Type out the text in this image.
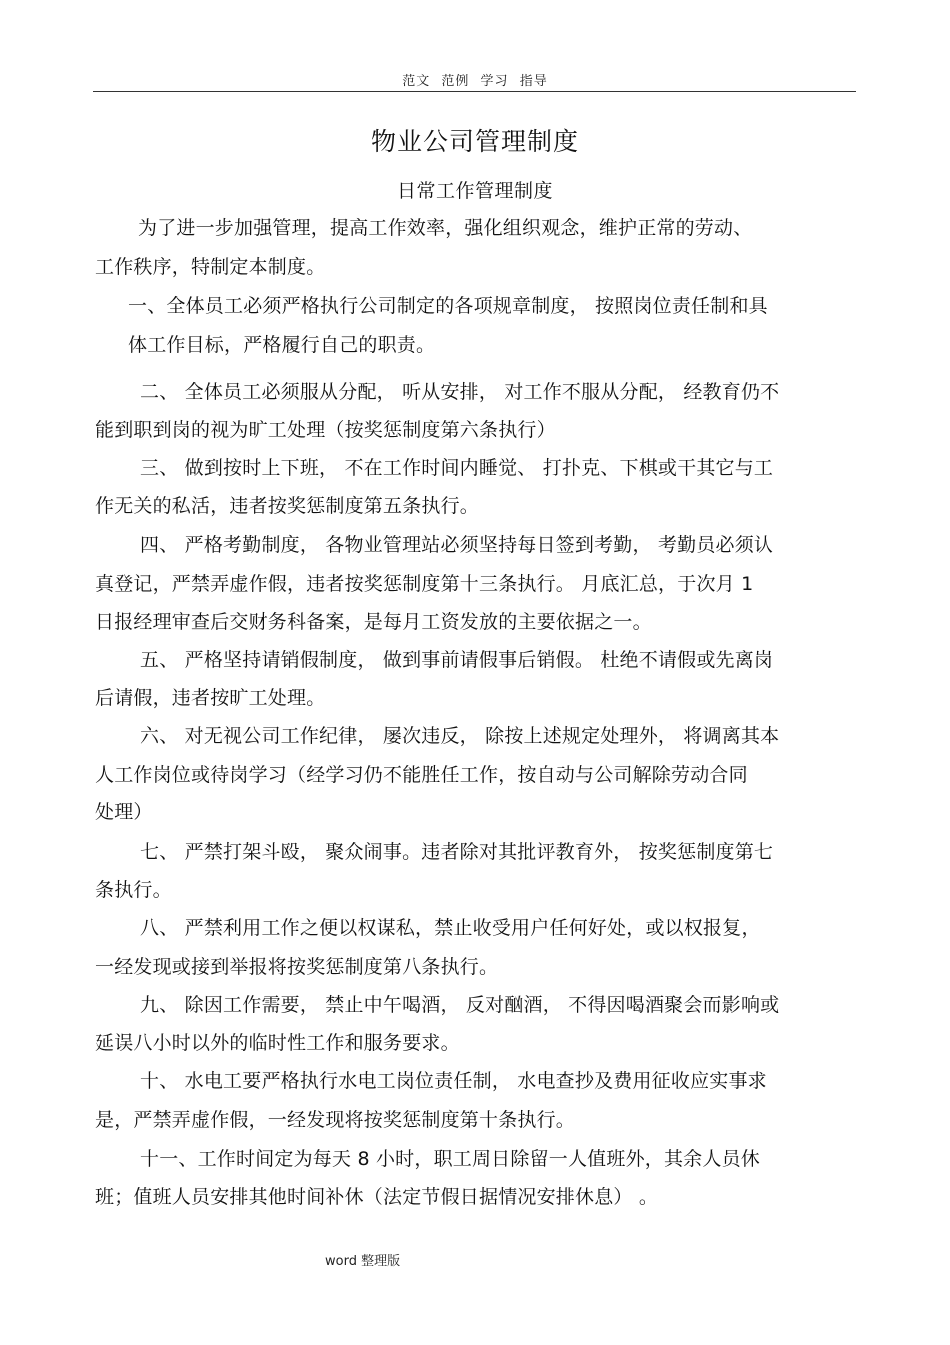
范文 范例 学习 指导
物业公司管理制度
日常工作管理制度
为了进一步加强管理，提高工作效率，强化组织观念，维护正常的劳动、
工作秩序，特制定本制度。
一、全体员工必须严格执行公司制定的各项规章制度， 按照岗位责任制和具
体工作目标，严格履行自己的职责。
二、 全体员工必须服从分配， 听从安排， 对工作不服从分配， 经教育仍不
能到职到岗的视为旷工处理（按奖惩制度第六条执行）
三、 做到按时上下班， 不在工作时间内睡觉、 打扑克、下棋或干其它与工
作无关的私活，违者按奖惩制度第五条执行。
四、 严格考勤制度， 各物业管理站必须坚持每日签到考勤， 考勤员必须认
真登记，严禁弄虚作假，违者按奖惩制度第十三条执行。 月底汇总，于次月 1
日报经理审查后交财务科备案，是每月工资发放的主要依据之一。
五、 严格坚持请销假制度， 做到事前请假事后销假。 杜绝不请假或先离岗
后请假，违者按旷工处理。
六、 对无视公司工作纪律， 屡次违反， 除按上述规定处理外， 将调离其本
人工作岗位或待岗学习（经学习仍不能胜任工作，按自动与公司解除劳动合同
处理）
七、 严禁打架斗殴， 聚众闹事。违者除对其批评教育外， 按奖惩制度第七
条执行。
八、 严禁利用工作之便以权谋私，禁止收受用户任何好处，或以权报复，
一经发现或接到举报将按奖惩制度第八条执行。
九、 除因工作需要， 禁止中午喝酒， 反对酗酒， 不得因喝酒聚会而影响或
延误八小时以外的临时性工作和服务要求。
十、 水电工要严格执行水电工岗位责任制， 水电查抄及费用征收应实事求
是，严禁弄虚作假，一经发现将按奖惩制度第十条执行。
十一、工作时间定为每天 8 小时，职工周日除留一人值班外，其余人员休
班；值班人员安排其他时间补休（法定节假日据情况安排休息） 。
word 整理版
